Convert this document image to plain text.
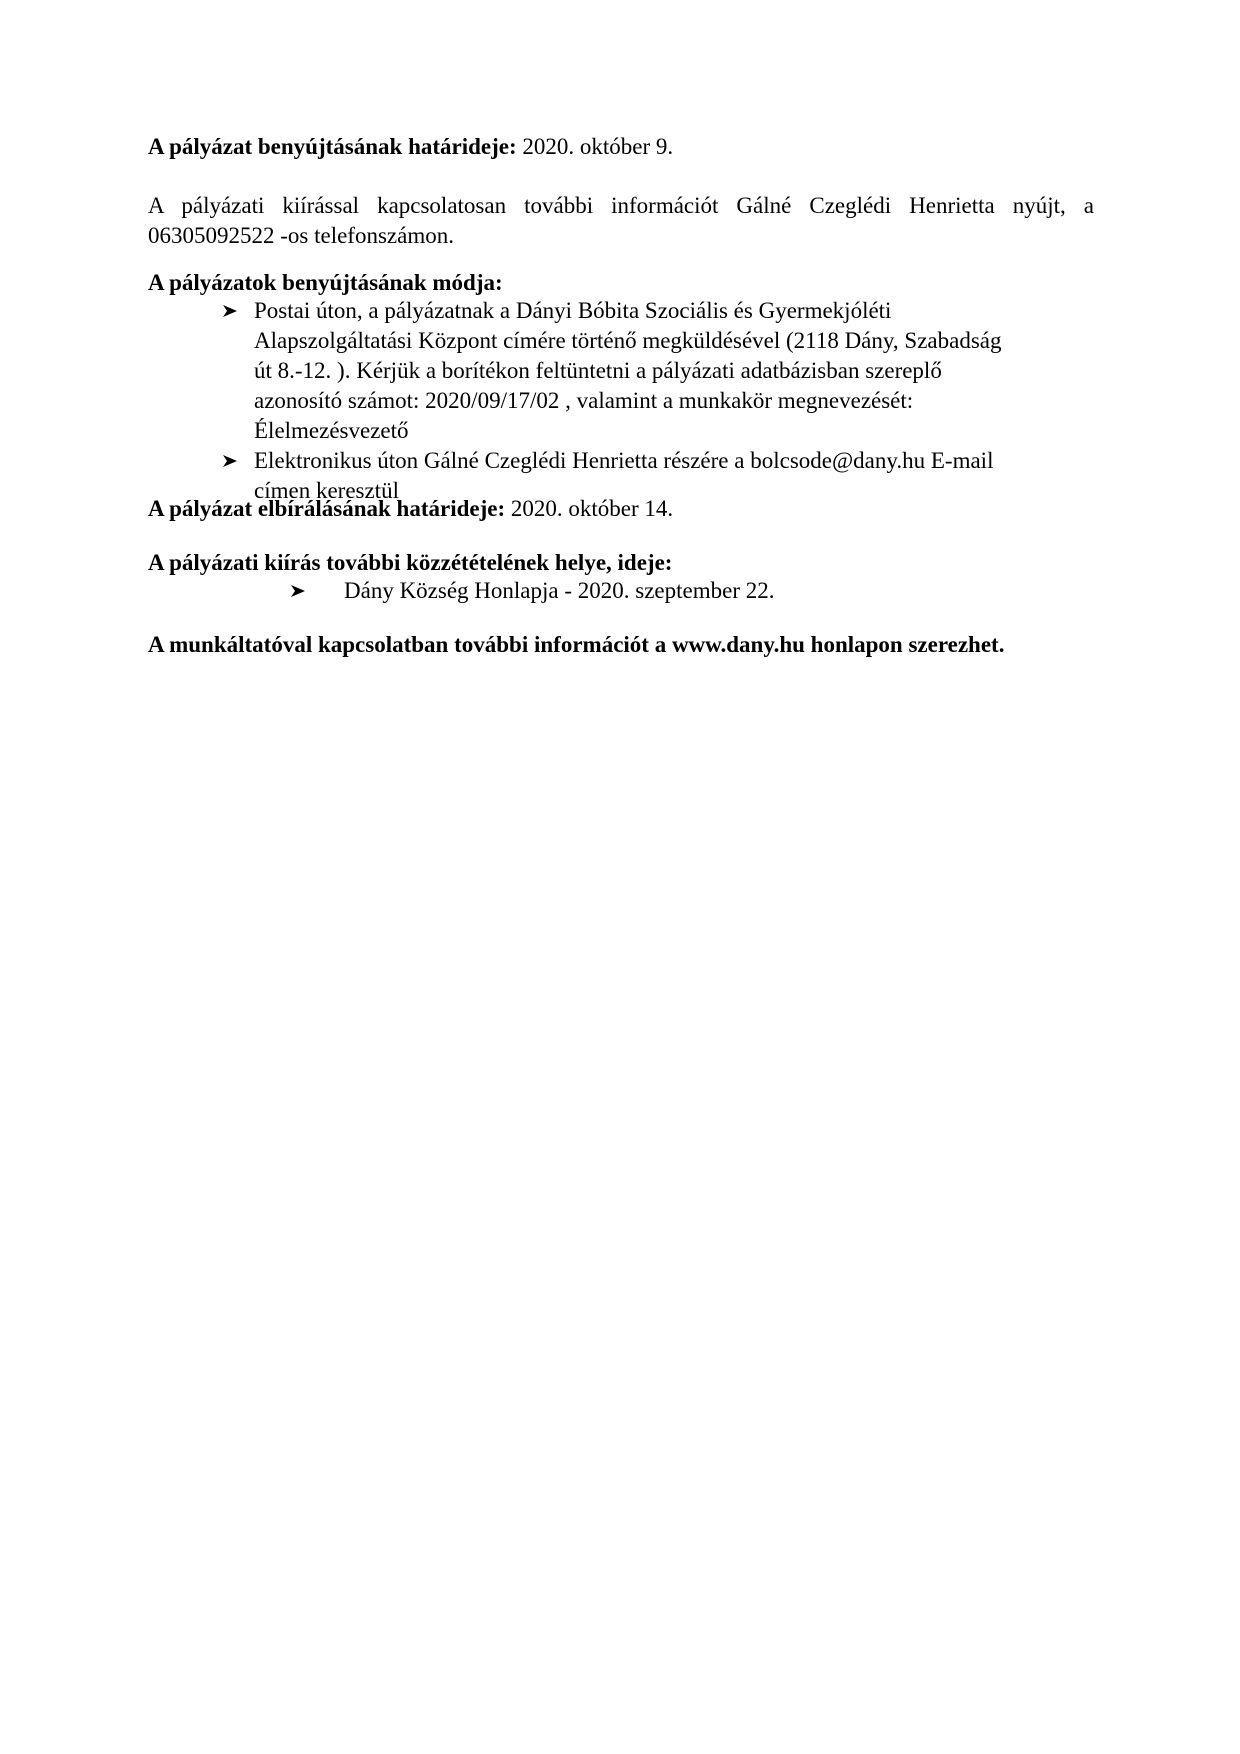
A pályázat benyújtásának határideje: 2020. október 9.
A pályázati kiírással kapcsolatosan további információt Gálné Czeglédi Henrietta nyújt, a
06305092522 -os telefonszámon.
A pályázatok benyújtásának módja:
Postai úton, a pályázatnak a Dányi Bóbita Szociális és Gyermekjóléti
Alapszolgáltatási Központ címére történő megküldésével (2118 Dány, Szabadság
út 8.-12. ). Kérjük a borítékon feltüntetni a pályázati adatbázisban szereplő
azonosító számot: 2020/09/17/02 , valamint a munkakör megnevezését:
Élelmezésvezető
Elektronikus úton Gálné Czeglédi Henrietta részére a bolcsode@dany.hu E-mail
címen keresztül
A pályázat elbírálásának határideje: 2020. október 14.
A pályázati kiírás további közzétételének helye, ideje:
Dány Község Honlapja - 2020. szeptember 22.
A munkáltatóval kapcsolatban további információt a www.dany.hu honlapon szerezhet.
